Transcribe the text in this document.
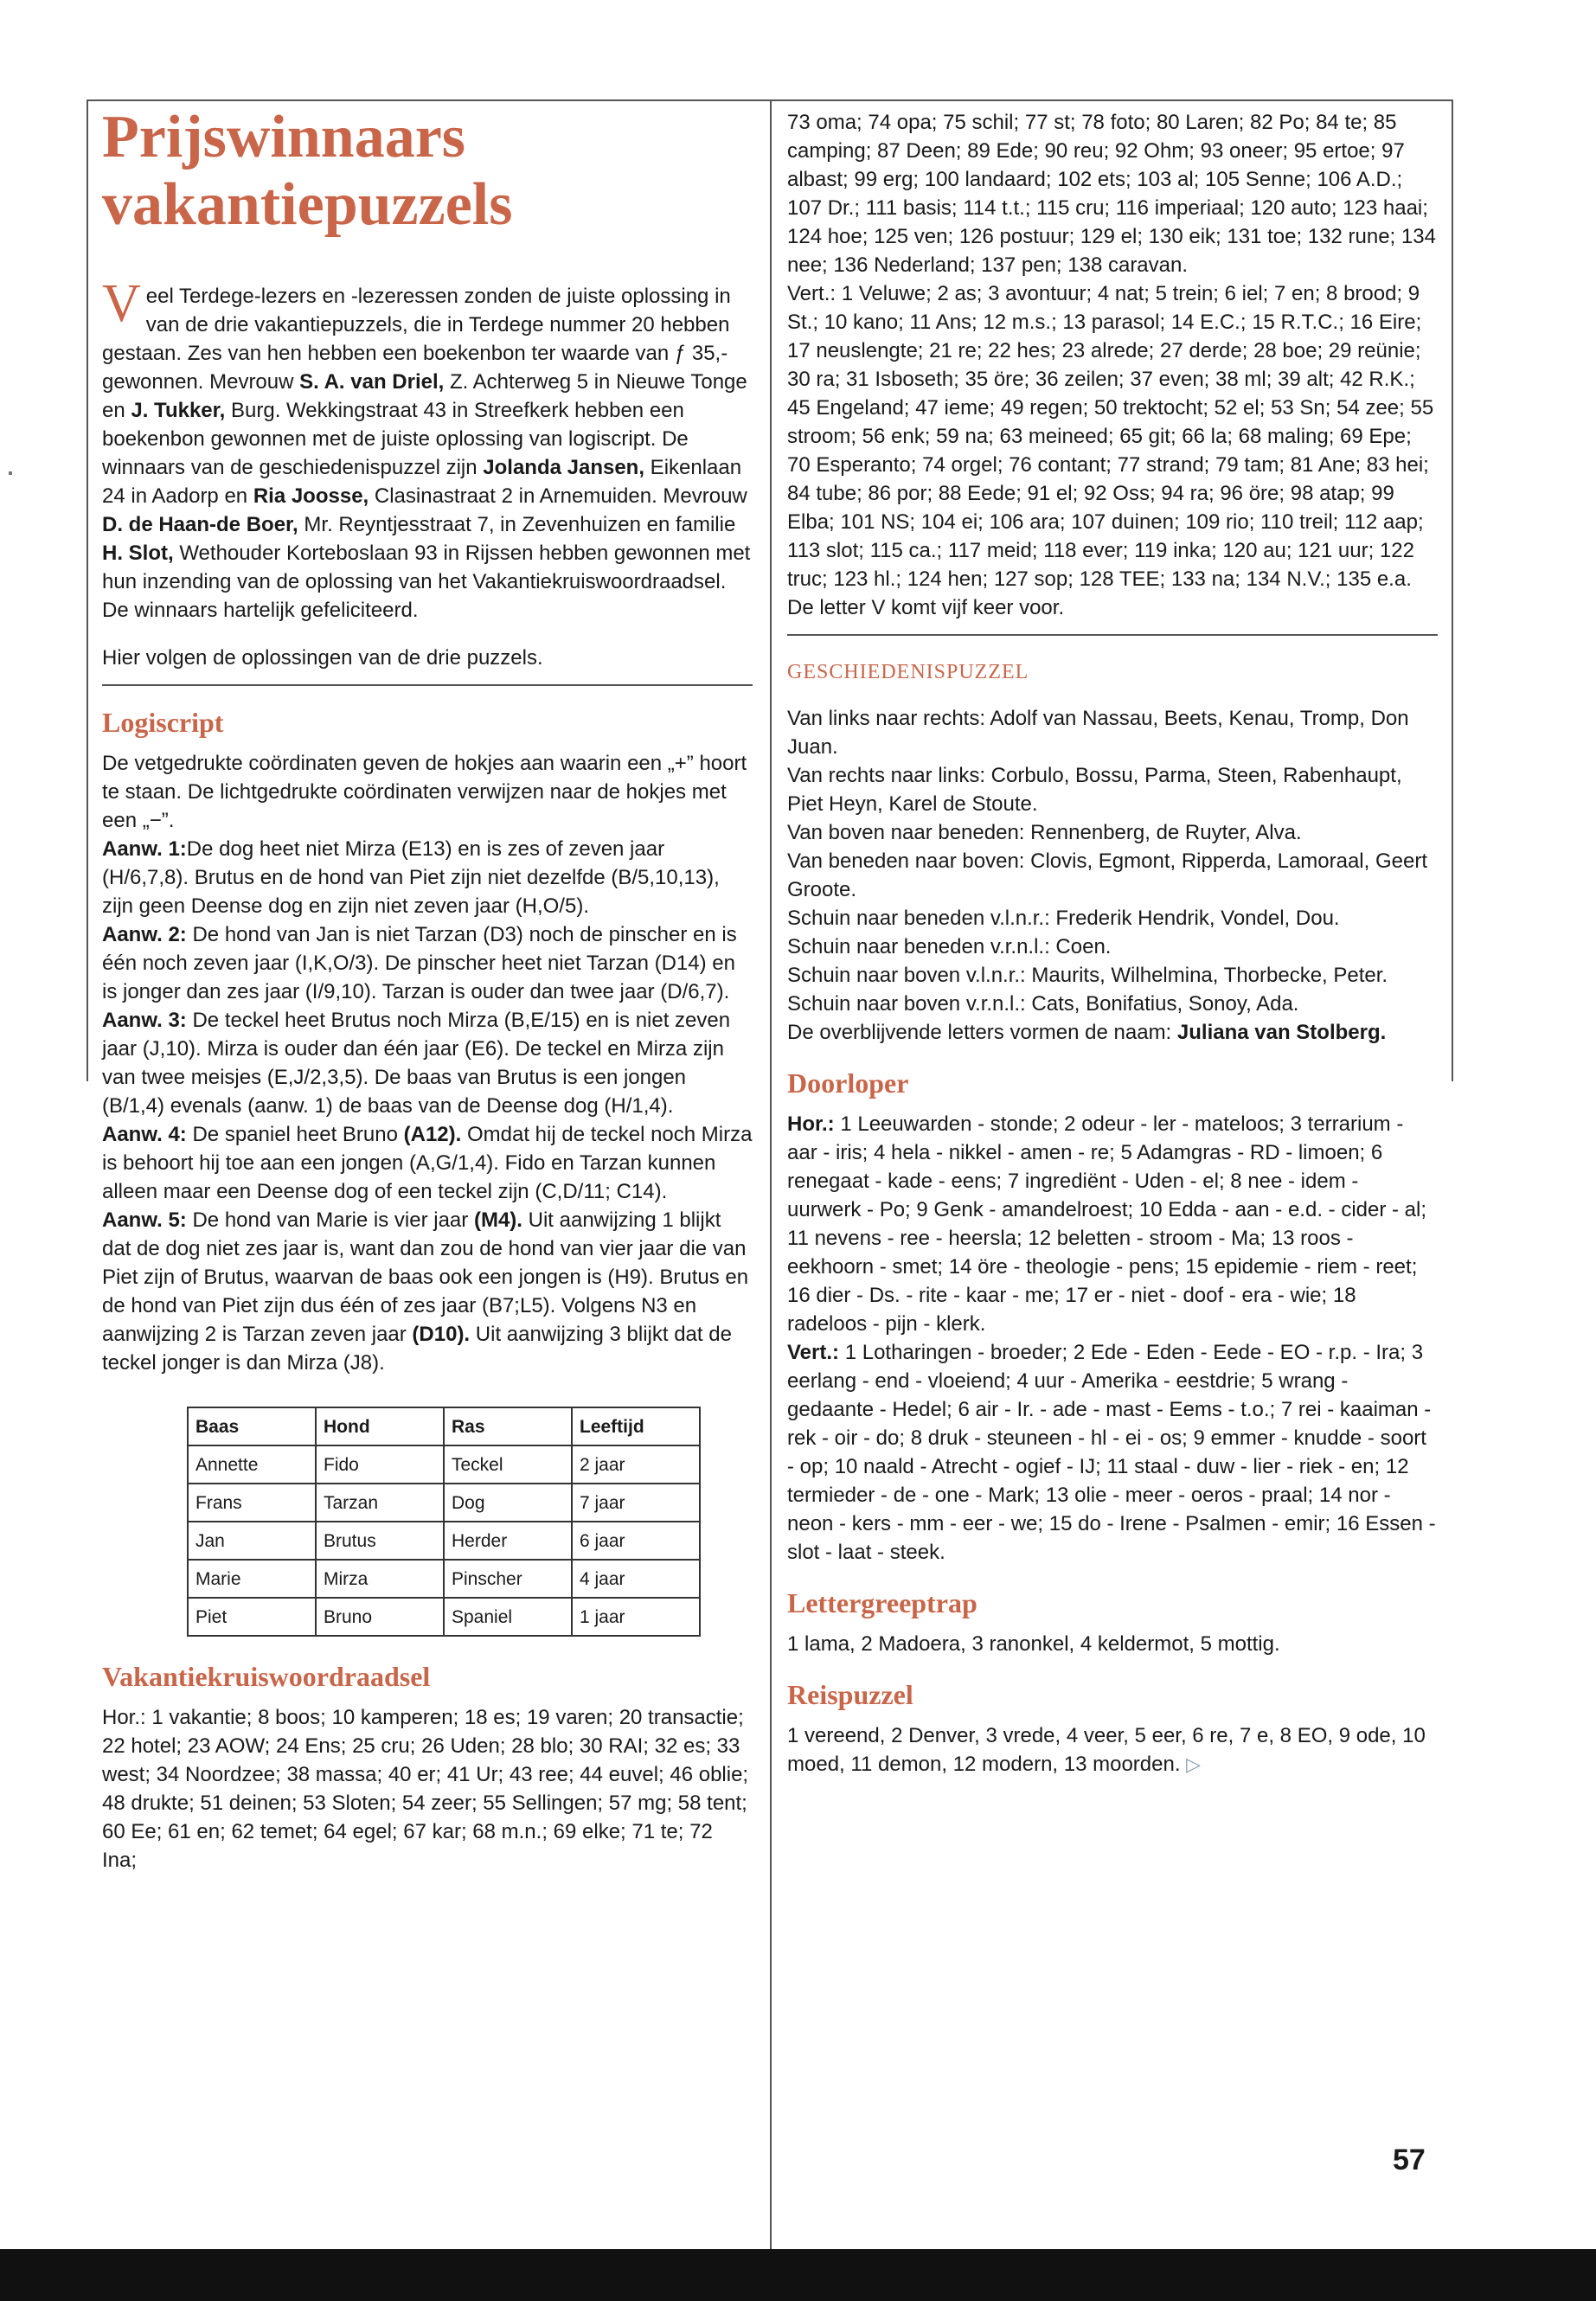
Prijswinnaars vakantiepuzzels

Veel Terdege-lezers en -lezeressen zonden de juiste oplossing in van de drie vakantiepuzzels, die in Terdege nummer 20 hebben gestaan. Zes van hen hebben een boekenbon ter waarde van ƒ 35,- gewonnen. Mevrouw S. A. van Driel, Z. Achterweg 5 in Nieuwe Tonge en J. Tukker, Burg. Wekkingstraat 43 in Streefkerk hebben een boekenbon gewonnen met de juiste oplossing van logiscript. De winnaars van de geschiedenispuzzel zijn Jolanda Jansen, Eikenlaan 24 in Aadorp en Ria Joosse, Clasinastraat 2 in Arnemuiden. Mevrouw D. de Haan-de Boer, Mr. Reyntjesstraat 7, in Zevenhuizen en familie H. Slot, Wethouder Korteboslaan 93 in Rijssen hebben gewonnen met hun inzending van de oplossing van het Vakantiekruiswoordraadsel. De winnaars hartelijk gefeliciteerd.

Hier volgen de oplossingen van de drie puzzels.

Logiscript

De vetgedrukte coördinaten geven de hokjes aan waarin een „+” hoort te staan. De lichtgedrukte coördinaten verwijzen naar de hokjes met een „−”.

Aanw. 1:De dog heet niet Mirza (E13) en is zes of zeven jaar (H/6,7,8). Brutus en de hond van Piet zijn niet dezelfde (B/5,10,13), zijn geen Deense dog en zijn niet zeven jaar (H,O/5).

Aanw. 2: De hond van Jan is niet Tarzan (D3) noch de pinscher en is één noch zeven jaar (I,K,O/3). De pinscher heet niet Tarzan (D14) en is jonger dan zes jaar (I/9,10). Tarzan is ouder dan twee jaar (D/6,7).

Aanw. 3: De teckel heet Brutus noch Mirza (B,E/15) en is niet zeven jaar (J,10). Mirza is ouder dan één jaar (E6). De teckel en Mirza zijn van twee meisjes (E,J/2,3,5). De baas van Brutus is een jongen (B/1,4) evenals (aanw. 1) de baas van de Deense dog (H/1,4).

Aanw. 4: De spaniel heet Bruno (A12). Omdat hij de teckel noch Mirza is behoort hij toe aan een jongen (A,G/1,4). Fido en Tarzan kunnen alleen maar een Deense dog of een teckel zijn (C,D/11; C14).

Aanw. 5: De hond van Marie is vier jaar (M4). Uit aanwijzing 1 blijkt dat de dog niet zes jaar is, want dan zou de hond van vier jaar die van Piet zijn of Brutus, waarvan de baas ook een jongen is (H9). Brutus en de hond van Piet zijn dus één of zes jaar (B7;L5). Volgens N3 en aanwijzing 2 is Tarzan zeven jaar (D10). Uit aanwijzing 3 blijkt dat de teckel jonger is dan Mirza (J8).

Baas	Hond	Ras	Leeftijd
Annette	Fido	Teckel	2 jaar
Frans	Tarzan	Dog	7 jaar
Jan	Brutus	Herder	6 jaar
Marie	Mirza	Pinscher	4 jaar
Piet	Bruno	Spaniel	1 jaar
Vakantiekruiswoordraadsel

Hor.: 1 vakantie; 8 boos; 10 kamperen; 18 es; 19 varen; 20 transactie; 22 hotel; 23 AOW; 24 Ens; 25 cru; 26 Uden; 28 blo; 30 RAI; 32 es; 33 west; 34 Noordzee; 38 massa; 40 er; 41 Ur; 43 ree; 44 euvel; 46 oblie; 48 drukte; 51 deinen; 53 Sloten; 54 zeer; 55 Sellingen; 57 mg; 58 tent; 60 Ee; 61 en; 62 temet; 64 egel; 67 kar; 68 m.n.; 69 elke; 71 te; 72 Ina;

73 oma; 74 opa; 75 schil; 77 st; 78 foto; 80 Laren; 82 Po; 84 te; 85 camping; 87 Deen; 89 Ede; 90 reu; 92 Ohm; 93 oneer; 95 ertoe; 97 albast; 99 erg; 100 landaard; 102 ets; 103 al; 105 Senne; 106 A.D.; 107 Dr.; 111 basis; 114 t.t.; 115 cru; 116 imperiaal; 120 auto; 123 haai; 124 hoe; 125 ven; 126 postuur; 129 el; 130 eik; 131 toe; 132 rune; 134 nee; 136 Nederland; 137 pen; 138 caravan.

Vert.: 1 Veluwe; 2 as; 3 avontuur; 4 nat; 5 trein; 6 iel; 7 en; 8 brood; 9 St.; 10 kano; 11 Ans; 12 m.s.; 13 parasol; 14 E.C.; 15 R.T.C.; 16 Eire; 17 neuslengte; 21 re; 22 hes; 23 alrede; 27 derde; 28 boe; 29 reünie; 30 ra; 31 Isboseth; 35 öre; 36 zeilen; 37 even; 38 ml; 39 alt; 42 R.K.; 45 Engeland; 47 ieme; 49 regen; 50 trektocht; 52 el; 53 Sn; 54 zee; 55 stroom; 56 enk; 59 na; 63 meineed; 65 git; 66 la; 68 maling; 69 Epe; 70 Esperanto; 74 orgel; 76 contant; 77 strand; 79 tam; 81 Ane; 83 hei; 84 tube; 86 por; 88 Eede; 91 el; 92 Oss; 94 ra; 96 öre; 98 atap; 99 Elba; 101 NS; 104 ei; 106 ara; 107 duinen; 109 rio; 110 treil; 112 aap; 113 slot; 115 ca.; 117 meid; 118 ever; 119 inka; 120 au; 121 uur; 122 truc; 123 hl.; 124 hen; 127 sop; 128 TEE; 133 na; 134 N.V.; 135 e.a.

De letter V komt vijf keer voor.

GESCHIEDENISPUZZEL

Van links naar rechts: Adolf van Nassau, Beets, Kenau, Tromp, Don Juan.

Van rechts naar links: Corbulo, Bossu, Parma, Steen, Rabenhaupt, Piet Heyn, Karel de Stoute.

Van boven naar beneden: Rennenberg, de Ruyter, Alva.

Van beneden naar boven: Clovis, Egmont, Ripperda, Lamoraal, Geert Groote.

Schuin naar beneden v.l.n.r.: Frederik Hendrik, Vondel, Dou.

Schuin naar beneden v.r.n.l.: Coen.

Schuin naar boven v.l.n.r.: Maurits, Wilhelmina, Thorbecke, Peter.

Schuin naar boven v.r.n.l.: Cats, Bonifatius, Sonoy, Ada.

De overblijvende letters vormen de naam: Juliana van Stolberg.

Doorloper

Hor.: 1 Leeuwarden - stonde; 2 odeur - ler - mateloos; 3 terrarium - aar - iris; 4 hela - nikkel - amen - re; 5 Adamgras - RD - limoen; 6 renegaat - kade - eens; 7 ingrediënt - Uden - el; 8 nee - idem - uurwerk - Po; 9 Genk - amandelroest; 10 Edda - aan - e.d. - cider - al; 11 nevens - ree - heersla; 12 beletten - stroom - Ma; 13 roos - eekhoorn - smet; 14 öre - theologie - pens; 15 epidemie - riem - reet; 16 dier - Ds. - rite - kaar - me; 17 er - niet - doof - era - wie; 18 radeloos - pijn - klerk.

Vert.: 1 Lotharingen - broeder; 2 Ede - Eden - Eede - EO - r.p. - Ira; 3 eerlang - end - vloeiend; 4 uur - Amerika - eestdrie; 5 wrang - gedaante - Hedel; 6 air - Ir. - ade - mast - Eems - t.o.; 7 rei - kaaiman - rek - oir - do; 8 druk - steuneen - hl - ei - os; 9 emmer - knudde - soort - op; 10 naald - Atrecht - ogief - IJ; 11 staal - duw - lier - riek - en; 12 termieder - de - one - Mark; 13 olie - meer - oeros - praal; 14 nor - neon - kers - mm - eer - we; 15 do - Irene - Psalmen - emir; 16 Essen - slot - laat - steek.

Lettergreeptrap

1 lama, 2 Madoera, 3 ranonkel, 4 keldermot, 5 mottig.

Reispuzzel

1 vereend, 2 Denver, 3 vrede, 4 veer, 5 eer, 6 re, 7 e, 8 EO, 9 ode, 10 moed, 11 demon, 12 modern, 13 moorden. ▷

57
